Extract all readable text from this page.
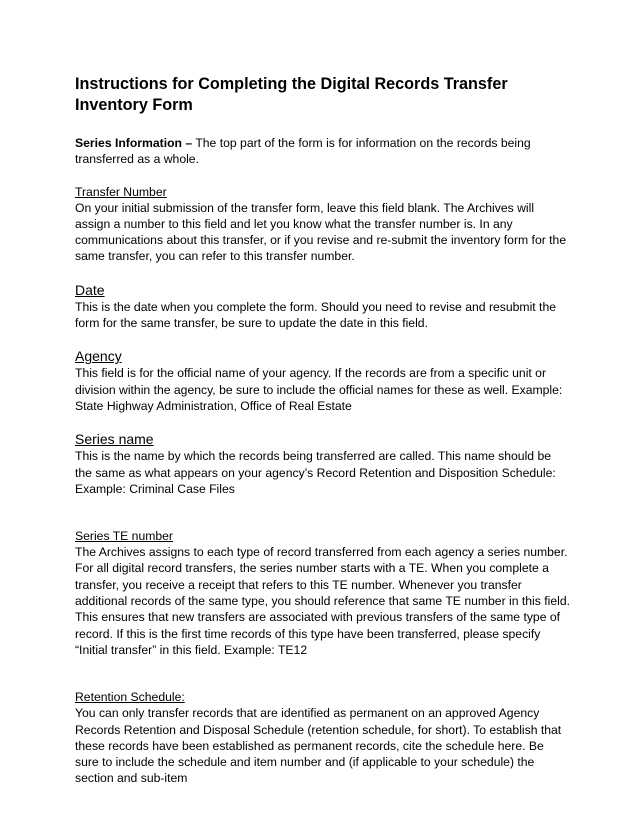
Instructions for Completing the Digital Records Transfer Inventory Form

Series Information – The top part of the form is for information on the records being transferred as a whole.

Transfer Number

On your initial submission of the transfer form, leave this field blank. The Archives will assign a number to this field and let you know what the transfer number is. In any communications about this transfer, or if you revise and re-submit the inventory form for the same transfer, you can refer to this transfer number.

Date

This is the date when you complete the form. Should you need to revise and resubmit the form for the same transfer, be sure to update the date in this field.

Agency

This field is for the official name of your agency. If the records are from a specific unit or division within the agency, be sure to include the official names for these as well. Example: State Highway Administration, Office of Real Estate

Series name

This is the name by which the records being transferred are called. This name should be the same as what appears on your agency’s Record Retention and Disposition Schedule: Example: Criminal Case Files

Series TE number

The Archives assigns to each type of record transferred from each agency a series number. For all digital record transfers, the series number starts with a TE. When you complete a transfer, you receive a receipt that refers to this TE number. Whenever you transfer additional records of the same type, you should reference that same TE number in this field. This ensures that new transfers are associated with previous transfers of the same type of record. If this is the first time records of this type have been transferred, please specify “Initial transfer” in this field. Example: TE12

Retention Schedule:

You can only transfer records that are identified as permanent on an approved Agency Records Retention and Disposal Schedule (retention schedule, for short). To establish that these records have been established as permanent records, cite the schedule here. Be sure to include the schedule and item number and (if applicable to your schedule) the section and sub-item
